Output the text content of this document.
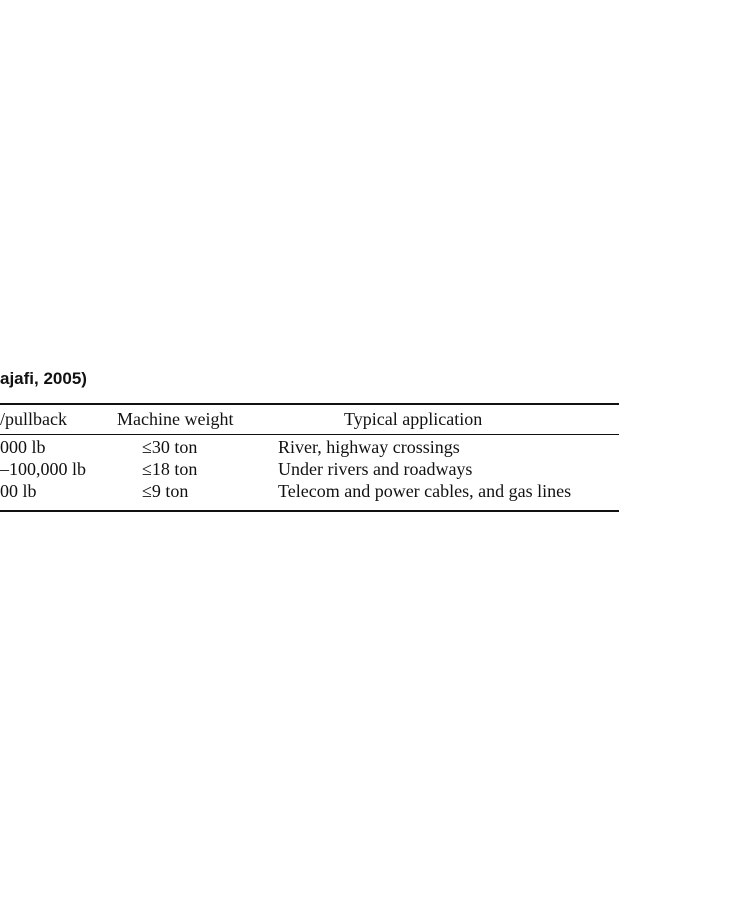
ajafi, 2005)
/pullback	Machine weight	Typical application
000 lb	≤30 ton	River, highway crossings
–100,000 lb	≤18 ton	Under rivers and roadways
00 lb	≤9 ton	Telecom and power cables, and gas lines
